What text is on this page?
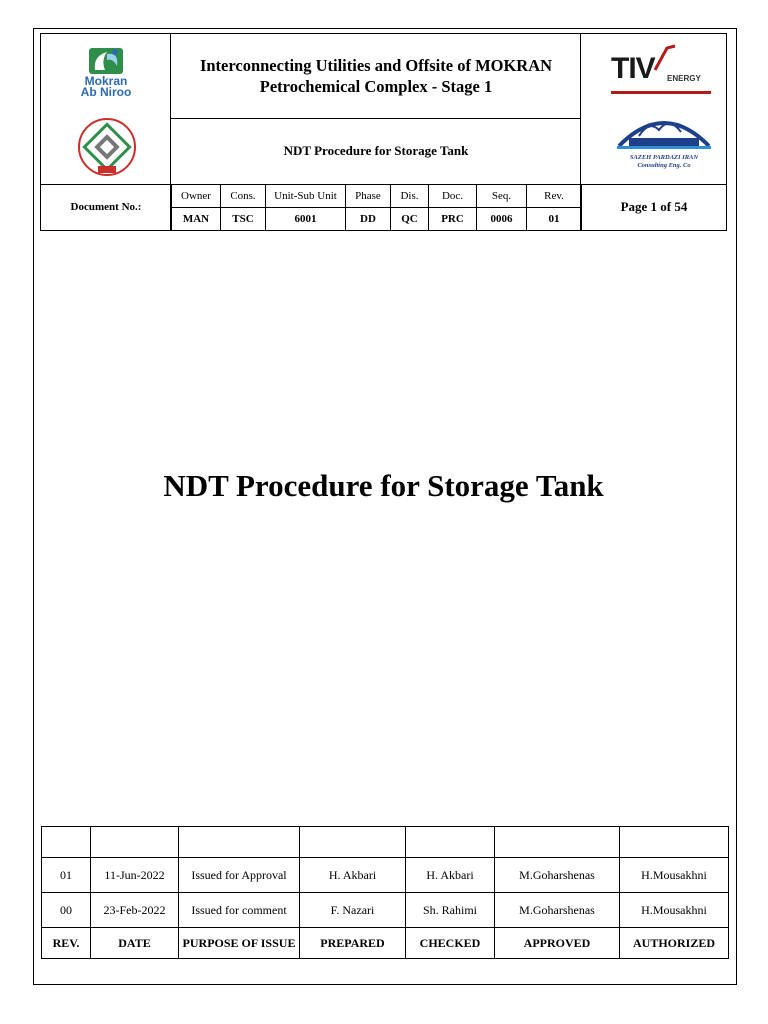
Mokran
Ab Niroo
Interconnecting Utilities and Offsite of MOKRAN Petrochemical Complex - Stage 1
NDT Procedure for Storage Tank
TIV ENERGY
SAZEH PARDAZI IRAN
Consulting Eng. Co
Document No.:
Owner	Cons.	Unit-Sub Unit	Phase	Dis.	Doc.	Seq.	Rev.
MAN	TSC	6001	DD	QC	PRC	0006	01
Page 1 of 54
NDT Procedure for Storage Tank

01	11-Jun-2022	Issued for Approval	H. Akbari	H. Akbari	M.Goharshenas	H.Mousakhni
00	23-Feb-2022	Issued for comment	F. Nazari	Sh. Rahimi	M.Goharshenas	H.Mousakhni
REV.	DATE	PURPOSE OF ISSUE	PREPARED	CHECKED	APPROVED	AUTHORIZED
